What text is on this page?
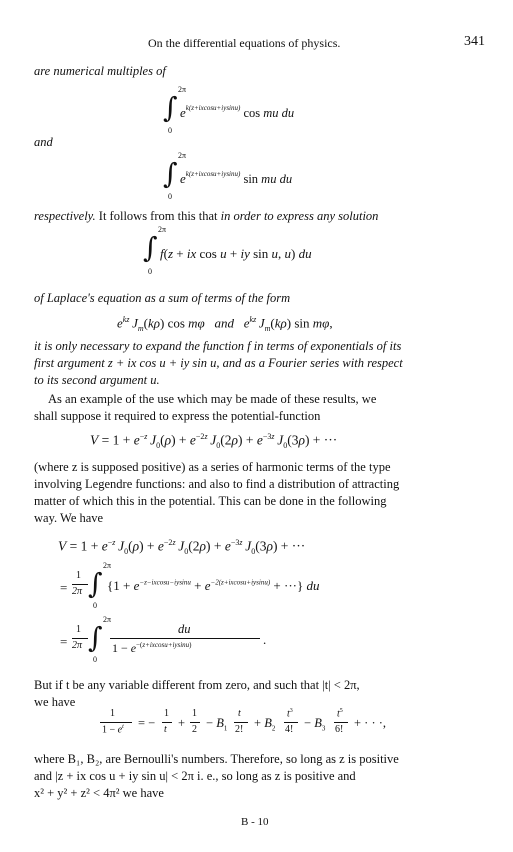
On the differential equations of physics.	341
are numerical multiples of
∫
2π
0
$e^{k(z+ixcosu+iysinu)}$ cos mu du
and
∫
2π
0
$e^{k(z+ixcosu+iysinu)}$ sin mu du
respectively. It follows from this that in order to express any solution
∫
2π
0
f(z + ix cos u + iy sin u, u) du
of Laplace's equation as a sum of terms of the form
$e^{kz}$  $J_m(k\rho)$ cos mφ and $e^{kz}$  $J_m(k\rho)$ sin mφ,
it is only necessary to expand the function f in terms of exponentials of its
first argument z + ix cos u + iy sin u, and as a Fourier series with respect
to its second argument u.
As an example of the use which may be made of these results, we
shall suppose it required to express the potential-function
$V = 1 + e^{-z}$  $J_0(\rho) + e^{-2z}$  $J_0(2\rho) + e^{-3z}$  $J_0(3\rho)$ + ···
(where z is supposed positive) as a series of harmonic terms of the type
involving Legendre functions: and also to find a distribution of attracting
matter of which this in the potential. This can be done in the following
way. We have
$V = 1 + e^{-z}$  $J_0(\rho) + e^{-2z}$  $J_0(2\rho) + e^{-3z}$  $J_0(3\rho)$ + ···
=
1
2π ∫
2π
0
{$1 + e^{-z-ixcosu-iysinu} + e^{-2(z+ixcosu+iysinu)}$ + ···} du
=
1
2π ∫
2π
0
du
$1 - e^{-(z+ixcosu+iysinu)}$	.
But if t be any variable different from zero, and such that |t| < 2π,
we have
1
$1 - e^t$ = −
1
t +
1
$2 - B_1$
t
2! + $B_2$
$t^3$
4! − $B_3$
$t^5$
6! + · · ·,
where B₁, B₂, are Bernoulli's numbers. Therefore, so long as z is positive
and |z + ix cos u + iy sin u| < 2π i. e., so long as z is positive and
x² + y² + z² < 4π² we have
B - 10
